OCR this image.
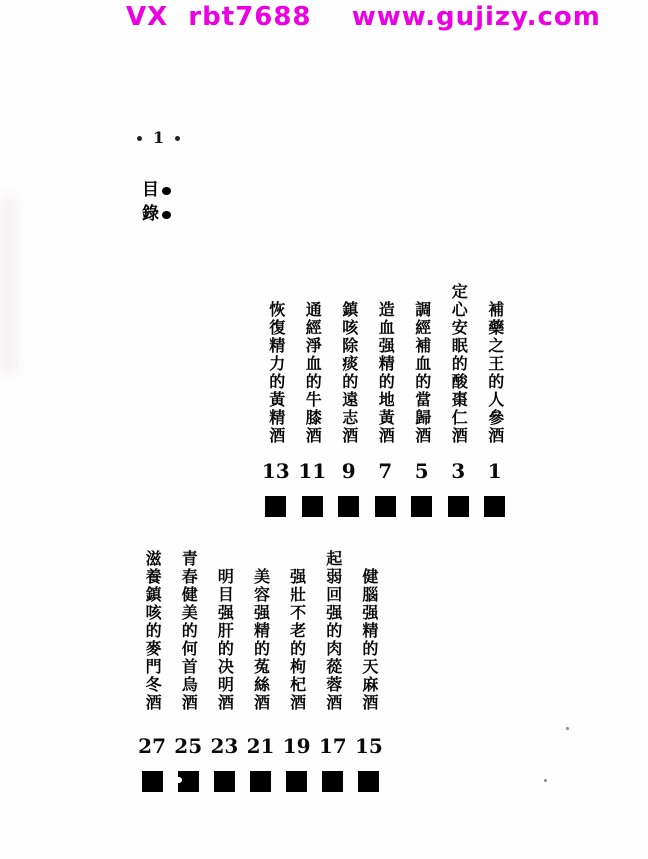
VX  rbt7688    www.gujizy.com
1
目
錄
補藥之王的人參酒
1
定心安眠的酸棗仁酒
3
調經補血的當歸酒
5
造血强精的地黃酒
7
鎮咳除痰的遠志酒
9
通經淨血的牛膝酒
11
恢復精力的黃精酒
13
健腦强精的天麻酒
15
起弱回强的肉蓯蓉酒
17
强壯不老的枸杞酒
19
美容强精的菟絲酒
21
明目强肝的决明酒
23
青春健美的何首烏酒
25
滋養鎮咳的麥門冬酒
27
